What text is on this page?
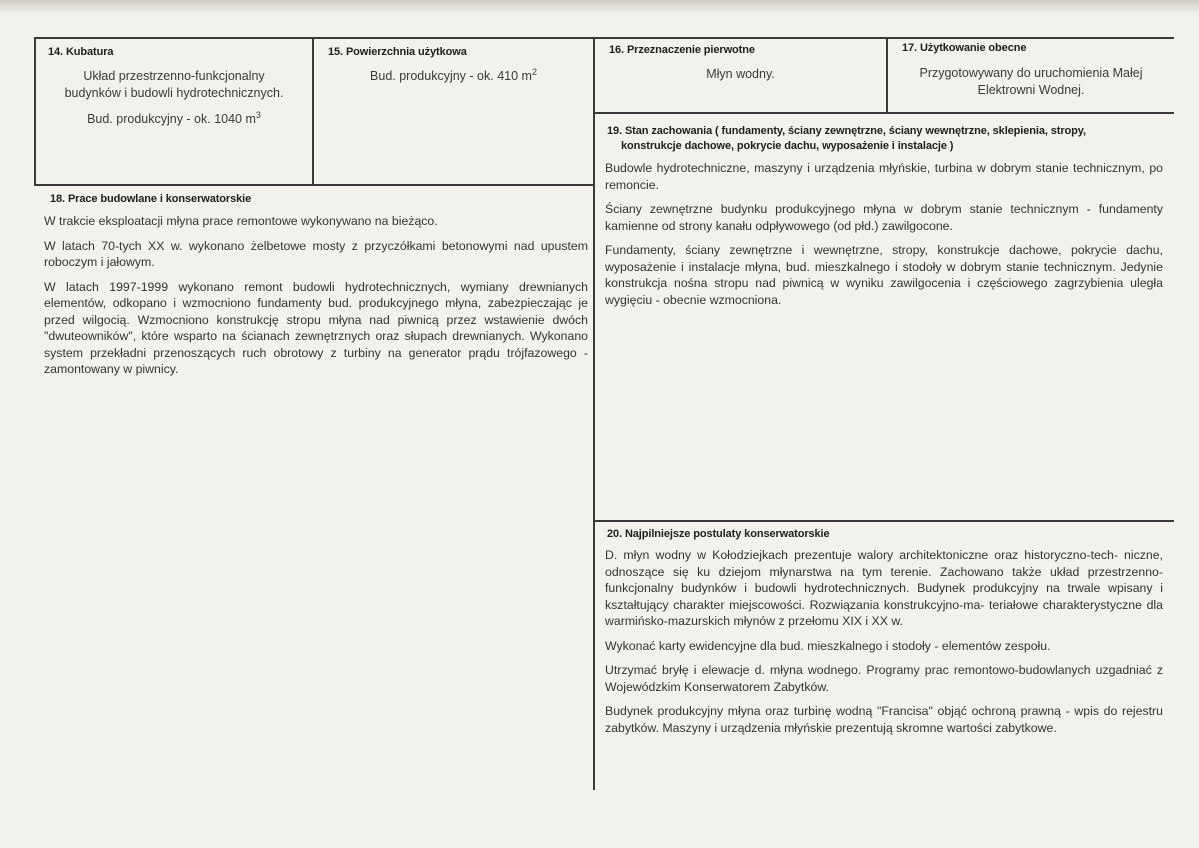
14. Kubatura
Układ przestrzenno-funkcjonalny
budynków i budowli hydrotechnicznych.
Bud. produkcyjny - ok. 1040 $m^3$
15. Powierzchnia użytkowa
Bud. produkcyjny - ok. 410 $m^2$
16. Przeznaczenie pierwotne
Młyn wodny.
17. Użytkowanie obecne
Przygotowywany do uruchomienia Małej
Elektrowni Wodnej.
18. Prace budowlane i konserwatorskie

W trakcie eksploatacji młyna prace remontowe wykonywano na bieżąco.

W latach 70-tych XX w. wykonano żelbetowe mosty z przyczółkami betonowymi nad upustem roboczym i jałowym.

W latach 1997-1999 wykonano remont budowli hydrotechnicznych, wymiany drewnianych elementów, odkopano i wzmocniono fundamenty bud. produkcyjnego młyna, zabezpieczając je przed wilgocią. Wzmocniono konstrukcję stropu młyna nad piwnicą przez wstawienie dwóch "dwuteowników", które wsparto na ścianach zewnętrznych oraz słupach drewnianych. Wykonano system przekładni przenoszących ruch obrotowy z turbiny na generator prądu trójfazowego - zamontowany w piwnicy.

19. Stan zachowania ( fundamenty, ściany zewnętrzne, ściany wewnętrzne, sklepienia, stropy,
konstrukcje dachowe, pokrycie dachu, wyposażenie i instalacje )

Budowle hydrotechniczne, maszyny i urządzenia młyńskie, turbina w dobrym stanie technicznym, po remoncie.

Ściany zewnętrzne budynku produkcyjnego młyna w dobrym stanie technicznym - fundamenty kamienne od strony kanału odpływowego (od płd.) zawilgocone.

Fundamenty, ściany zewnętrzne i wewnętrzne, stropy, konstrukcje dachowe, pokrycie dachu, wyposażenie i instalacje młyna, bud. mieszkalnego i stodoły w dobrym stanie technicznym. Jedynie konstrukcja nośna stropu nad piwnicą w wyniku zawilgocenia i częściowego zagrzybienia uległa wygięciu - obecnie wzmocniona.

20. Najpilniejsze postulaty konserwatorskie

D. młyn wodny w Kołodziejkach prezentuje walory architektoniczne oraz historyczno-tech- niczne, odnoszące się ku dziejom młynarstwa na tym terenie. Zachowano także układ przestrzenno-funkcjonalny budynków i budowli hydrotechnicznych. Budynek produkcyjny na trwale wpisany i kształtujący charakter miejscowości. Rozwiązania konstrukcyjno-ma- teriałowe charakterystyczne dla warmińsko-mazurskich młynów z przełomu XIX i XX w.

Wykonać karty ewidencyjne dla bud. mieszkalnego i stodoły - elementów zespołu.

Utrzymać bryłę i elewacje d. młyna wodnego. Programy prac remontowo-budowlanych uzgadniać z Wojewódzkim Konserwatorem Zabytków.

Budynek produkcyjny młyna oraz turbinę wodną "Francisa" objąć ochroną prawną - wpis do rejestru zabytków. Maszyny i urządzenia młyńskie prezentują skromne wartości zabytkowe.
